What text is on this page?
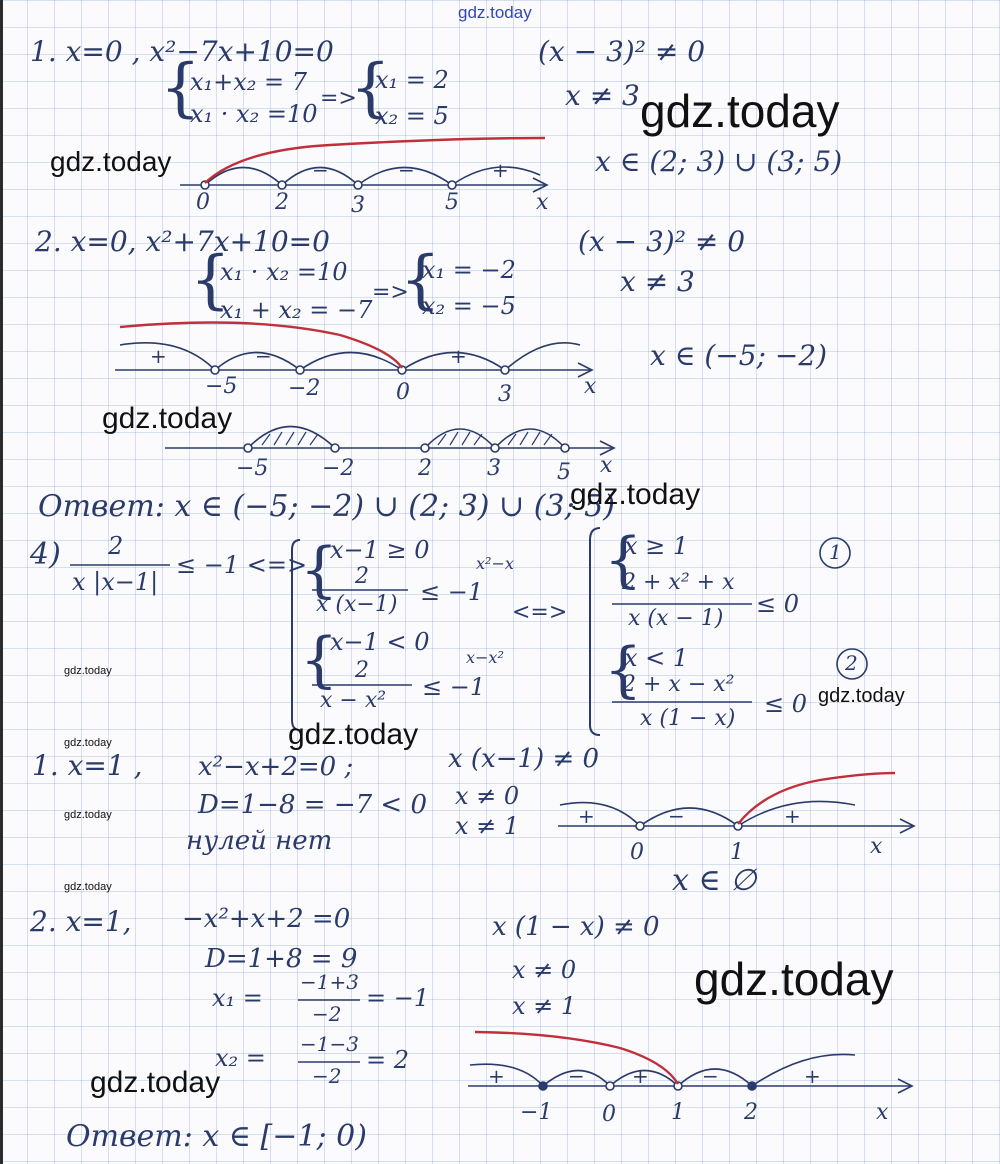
gdz.today
1. x=0 , x²−7x+10=0
{
x₁+x₂ = 7
x₁ · x₂ =10
=>
{
x₁ = 2
x₂ = 5
(x − 3)² ≠ 0
x ≠ 3 gdz.today
x ∈ (2; 3) ∪ (3; 5)
gdz.today
0	2	3	5	x
−	−	+
2. x=0, x²+7x+10=0
{
x₁ · x₂ =10
x₁ + x₂ = −7
=>
{
x₁ = −2
x₂ = −5
(x − 3)² ≠ 0
x ≠ 3
x ∈ (−5; −2)
−5 −2	0	3	x
+	−	+
gdz.today
−5 −2	2	3	5 x
Ответ: x ∈ (−5; −2) ∪ (2; 3) ∪ (3; 5)
gdz.today
4) 2
x |x−1|
≤ −1 <=>
{
x−1 ≥ 0
2
x (x−1) ≤ −1
x²−x
{
x−1 < 0
2
x − x² ≤ −1
x−x²
<=>
{
x ≥ 1
2 + x² + x
x (x − 1)
≤ 0
1
{
x < 1
2 + x − x²
x (1 − x)
≤ 0
2
gdz.today
gdz.today
gdz.today
gdz.today
gdz.today
gdz.today
1. x=1 , x²−x+2=0 ;
D=1−8 = −7 < 0
нулей нет
x (x−1) ≠ 0
x ≠ 0
x ≠ 1	+	−	+
0	1	x
x ∈ ∅
2. x=1, −x²+x+2 =0
D=1+8 = 9
x₁ =
−1+3
−2
= −1
x₂ = −1−3
−2
= 2
x (1 − x) ≠ 0
x ≠ 0
x ≠ 1
gdz.today
+	− +	−	+
−1 0	1	2	x
gdz.today
Ответ: x ∈ [−1; 0)
